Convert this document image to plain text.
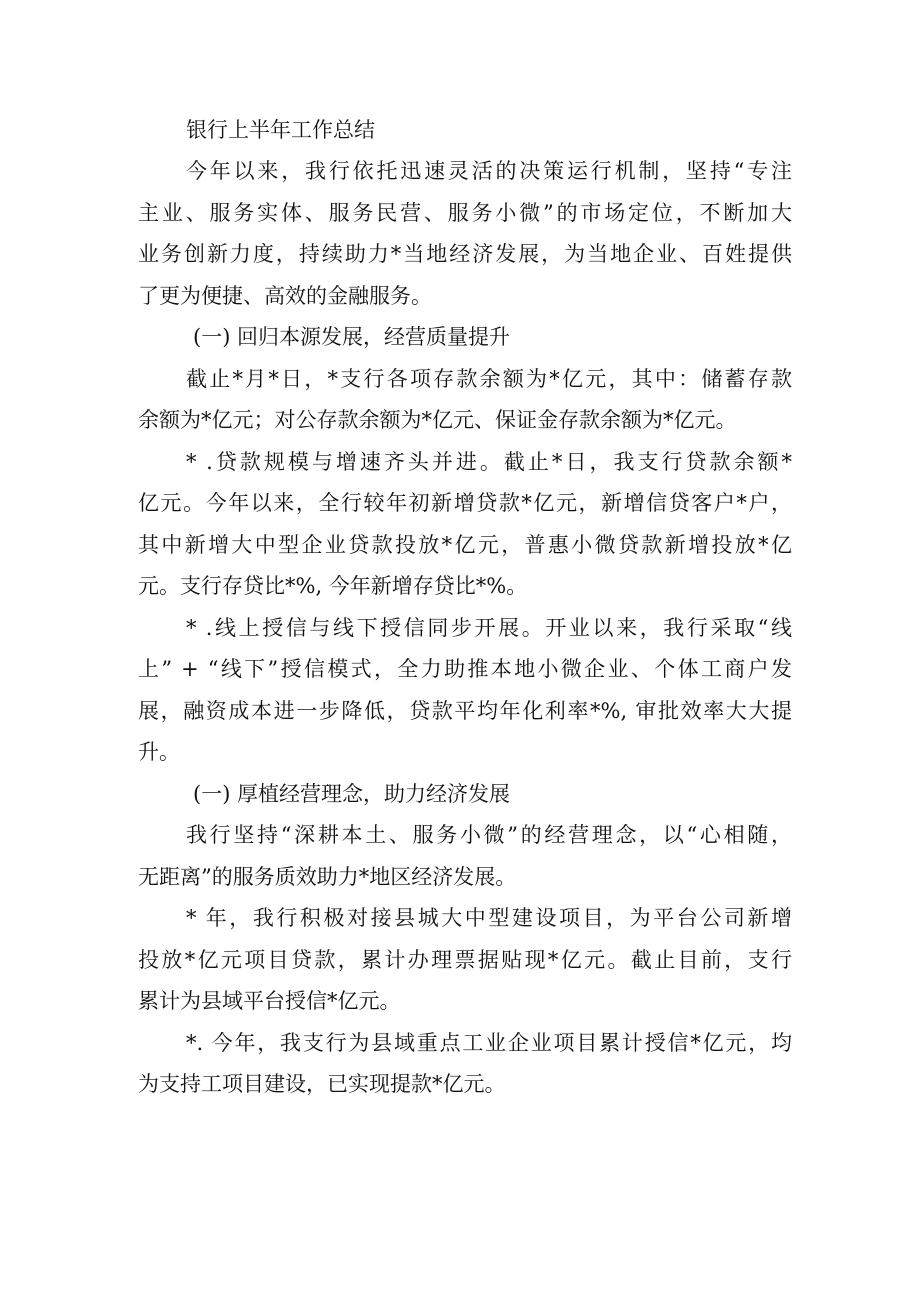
银行上半年工作总结
今年以来，我行依托迅速灵活的决策运行机制，坚持“专注
主业、服务实体、服务民营、服务小微”的市场定位，不断加大
业务创新力度，持续助力*当地经济发展，为当地企业、百姓提供
了更为便捷、高效的金融服务。
(一) 回归本源发展，经营质量提升
截止*月*日，*支行各项存款余额为*亿元，其中：储蓄存款
余额为*亿元；对公存款余额为*亿元、保证金存款余额为*亿元。
* .贷款规模与增速齐头并进。截止*日，我支行贷款余额*
亿元。今年以来，全行较年初新增贷款*亿元，新增信贷客户*户，
其中新增大中型企业贷款投放*亿元，普惠小微贷款新增投放*亿
元。支行存贷比*%, 今年新增存贷比*%。
* .线上授信与线下授信同步开展。开业以来，我行采取“线
上” + “线下”授信模式，全力助推本地小微企业、个体工商户发
展，融资成本进一步降低，贷款平均年化利率*%, 审批效率大大提
升。
(一) 厚植经营理念，助力经济发展
我行坚持“深耕本土、服务小微”的经营理念，以“心相随，
无距离”的服务质效助力*地区经济发展。
* 年，我行积极对接县城大中型建设项目，为平台公司新增
投放*亿元项目贷款，累计办理票据贴现*亿元。截止目前，支行
累计为县域平台授信*亿元。
*. 今年，我支行为县域重点工业企业项目累计授信*亿元，均
为支持工项目建设，已实现提款*亿元。
